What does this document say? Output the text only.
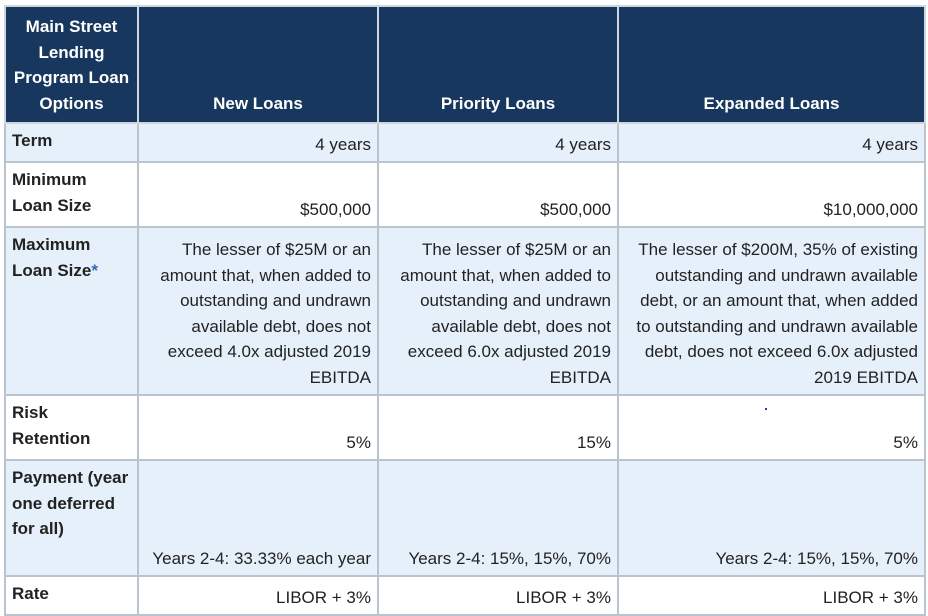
Main Street Lending Program Loan Options	New Loans	Priority Loans	Expanded Loans
Term	4 years	4 years	4 years
Minimum Loan Size	$500,000	$500,000	$10,000,000
Maximum Loan Size*	The lesser of $25M or an amount that, when added to outstanding and undrawn available debt, does not exceed 4.0x adjusted 2019 EBITDA	The lesser of $25M or an amount that, when added to outstanding and undrawn available debt, does not exceed 6.0x adjusted 2019 EBITDA	The lesser of $200M, 35% of existing outstanding and undrawn available debt, or an amount that, when added to outstanding and undrawn available debt, does not exceed 6.0x adjusted 2019 EBITDA
Risk Retention	5%	15%	5%
Payment (year one deferred for all)	Years 2-4: 33.33% each year	Years 2-4: 15%, 15%, 70%	Years 2-4: 15%, 15%, 70%
Rate	LIBOR + 3%	LIBOR + 3%	LIBOR + 3%
